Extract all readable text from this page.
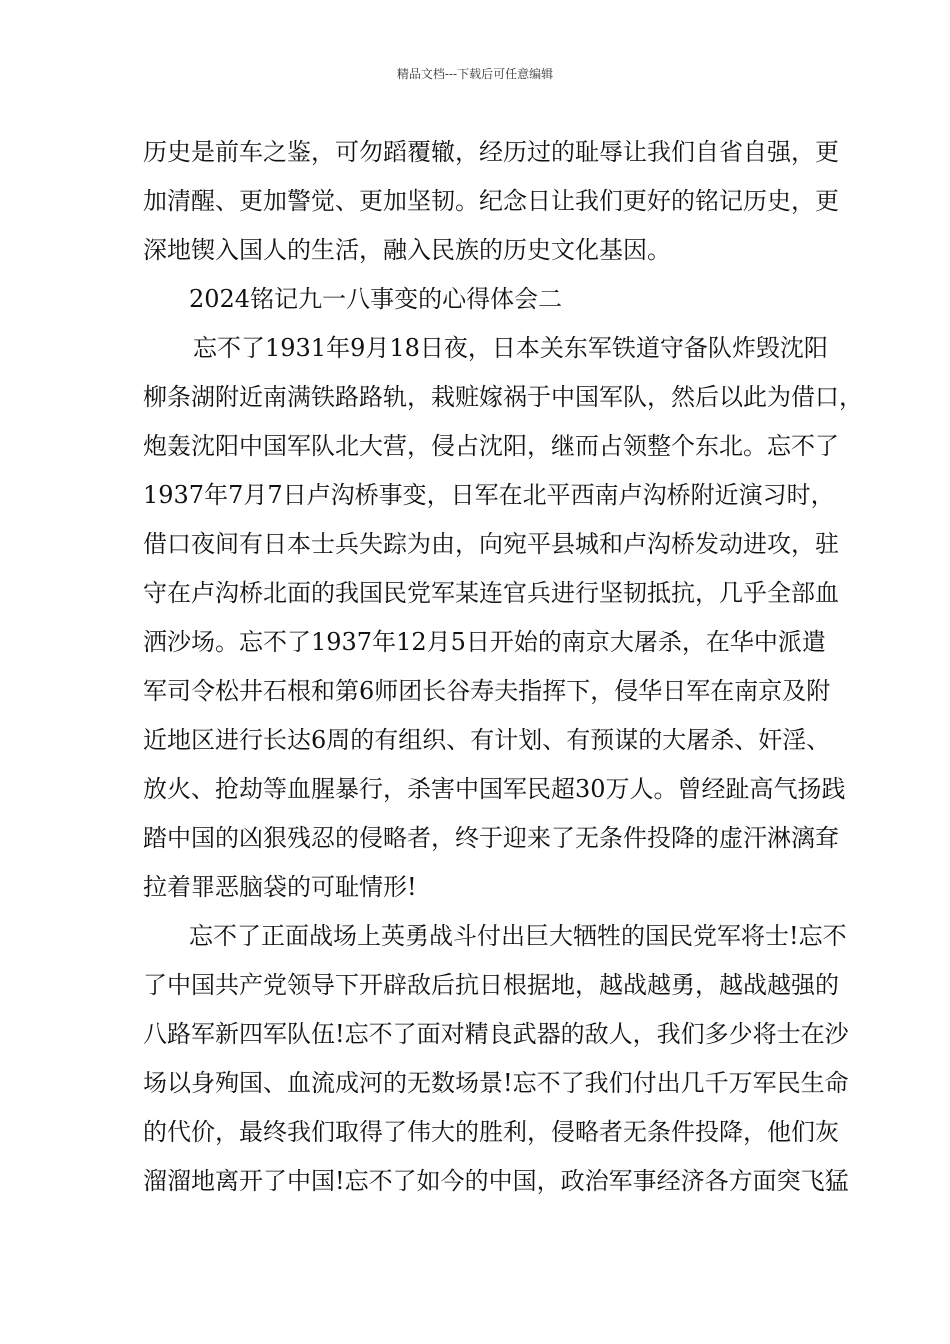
精品文档---下载后可任意编辑
历史是前车之鉴，可勿蹈覆辙，经历过的耻辱让我们自省自强，更
加清醒、更加警觉、更加坚韧。纪念日让我们更好的铭记历史，更
深地锲入国人的生活，融入民族的历史文化基因。
2024铭记九一八事变的心得体会二
忘不了1931年9月18日夜，日本关东军铁道守备队炸毁沈阳
柳条湖附近南满铁路路轨，栽赃嫁祸于中国军队，然后以此为借口，
炮轰沈阳中国军队北大营，侵占沈阳，继而占领整个东北。忘不了
1937年7月7日卢沟桥事变，日军在北平西南卢沟桥附近演习时，
借口夜间有日本士兵失踪为由，向宛平县城和卢沟桥发动进攻，驻
守在卢沟桥北面的我国民党军某连官兵进行坚韧抵抗，几乎全部血
洒沙场。忘不了1937年12月5日开始的南京大屠杀，在华中派遣
军司令松井石根和第6师团长谷寿夫指挥下，侵华日军在南京及附
近地区进行长达6周的有组织、有计划、有预谋的大屠杀、奸淫、
放火、抢劫等血腥暴行，杀害中国军民超30万人。曾经趾高气扬践
踏中国的凶狠残忍的侵略者，终于迎来了无条件投降的虚汗淋漓耷
拉着罪恶脑袋的可耻情形!
忘不了正面战场上英勇战斗付出巨大牺牲的国民党军将士!忘不
了中国共产党领导下开辟敌后抗日根据地，越战越勇，越战越强的
八路军新四军队伍!忘不了面对精良武器的敌人，我们多少将士在沙
场以身殉国、血流成河的无数场景!忘不了我们付出几千万军民生命
的代价，最终我们取得了伟大的胜利，侵略者无条件投降，他们灰
溜溜地离开了中国!忘不了如今的中国，政治军事经济各方面突飞猛
